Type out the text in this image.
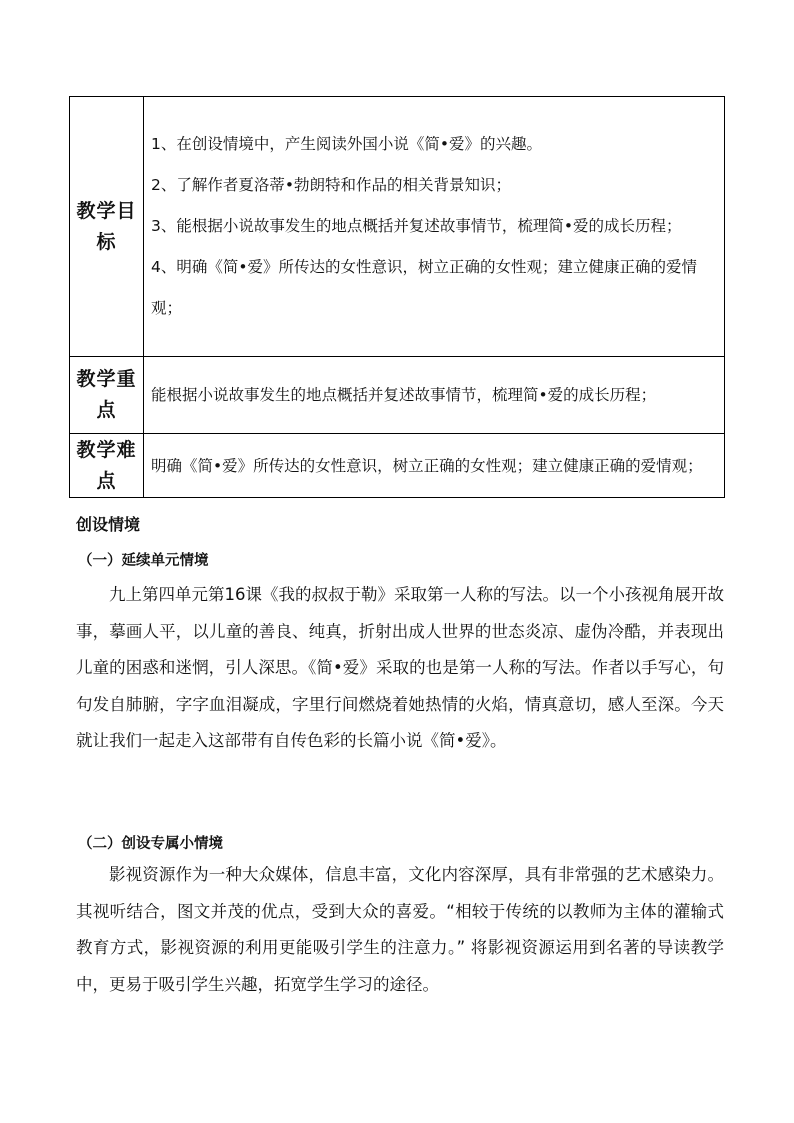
教学目标	1、在创设情境中，产生阅读外国小说《简•爱》的兴趣。

2、了解作者夏洛蒂•勃朗特和作品的相关背景知识；

3、能根据小说故事发生的地点概括并复述故事情节，梳理简•爱的成长历程；

4、明确《简•爱》所传达的女性意识，树立正确的女性观；建立健康正确的爱情观；

教学重点	能根据小说故事发生的地点概括并复述故事情节，梳理简•爱的成长历程；

教学难点	明确《简•爱》所传达的女性意识，树立正确的女性观；建立健康正确的爱情观；

创设情境
（一）延续单元情境

九上第四单元第16课《我的叔叔于勒》采取第一人称的写法。以一个小孩视角展开故事，摹画人平，以儿童的善良、纯真，折射出成人世界的世态炎凉、虚伪冷酷，并表现出儿童的困惑和迷惘，引人深思。《简•爱》采取的也是第一人称的写法。作者以手写心，句句发自肺腑，字字血泪凝成，字里行间燃烧着她热情的火焰，情真意切，感人至深。今天就让我们一起走入这部带有自传色彩的长篇小说《简•爱》。

（二）创设专属小情境

影视资源作为一种大众媒体，信息丰富，文化内容深厚，具有非常强的艺术感染力。其视听结合，图文并茂的优点，受到大众的喜爱。“相较于传统的以教师为主体的灌输式教育方式，影视资源的利用更能吸引学生的注意力。” 将影视资源运用到名著的导读教学中，更易于吸引学生兴趣，拓宽学生学习的途径。
